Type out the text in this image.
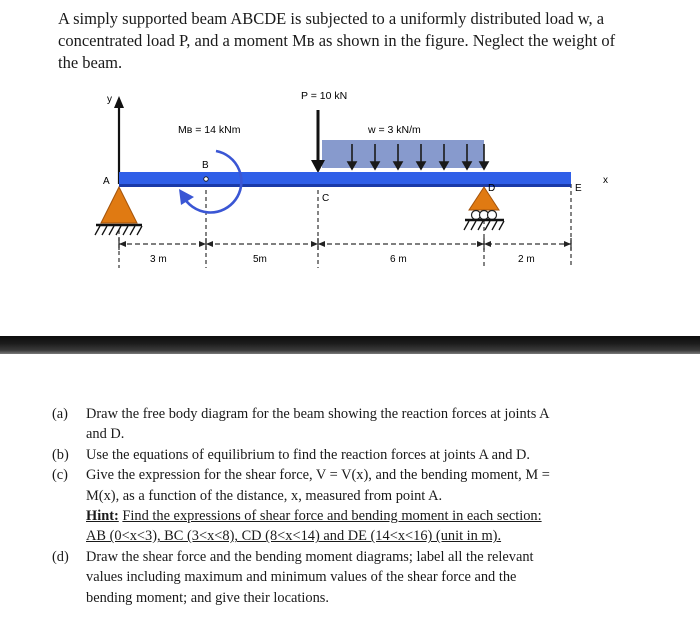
A simply supported beam ABCDE is subjected to a uniformly distributed load w, a

concentrated load P, and a moment Mʙ as shown in the figure. Neglect the weight of

the beam.

y
x
w = 3 kN/m
P = 10 kN
Mʙ = 14 kNm
A
B
C
D	E
3 m	5m	6 m	2 m
(a)	Draw the free body diagram for the beam showing the reaction forces at joints A
and D.
(b)	Use the equations of equilibrium to find the reaction forces at joints A and D.
(c)	Give the expression for the shear force, V = V(x), and the bending moment, M =
M(x), as a function of the distance, x, measured from point A.
Hint: Find the expressions of shear force and bending moment in each section:
AB (0<x<3), BC (3<x<8), CD (8<x<14) and DE (14<x<16) (unit in m).
(d)	Draw the shear force and the bending moment diagrams; label all the relevant
values including maximum and minimum values of the shear force and the
bending moment; and give their locations.
